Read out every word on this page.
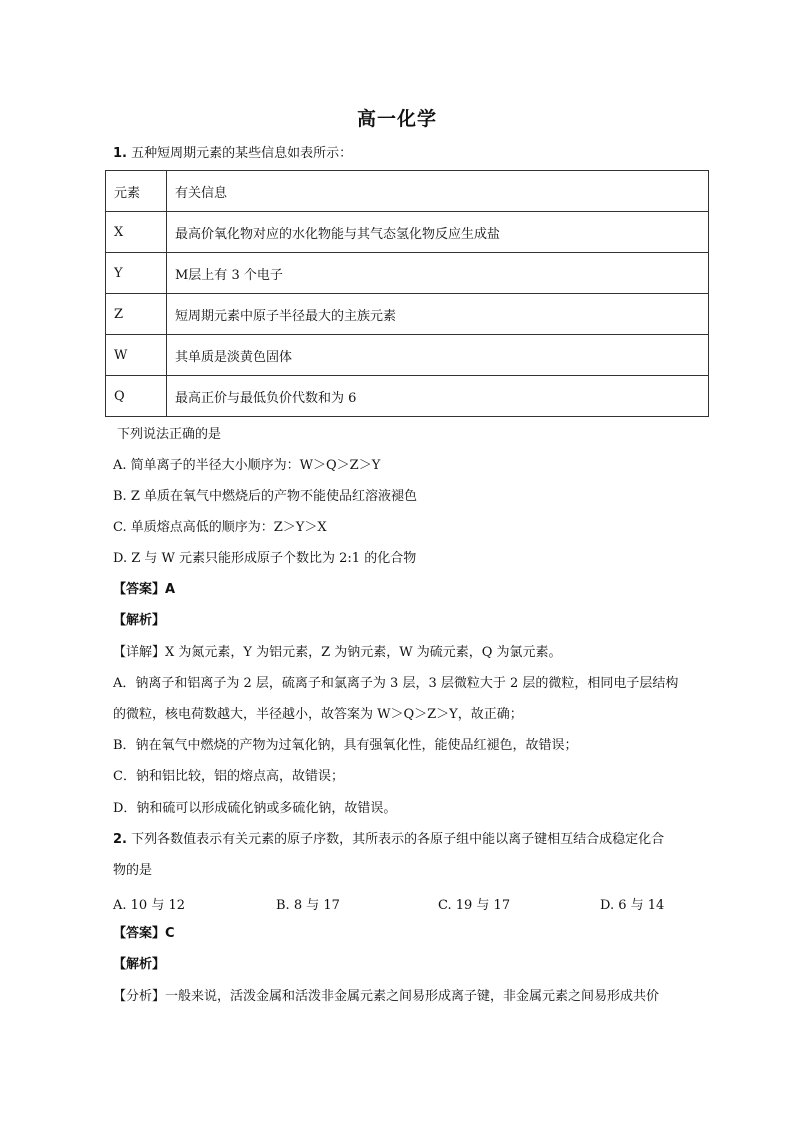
高一化学
1. 五种短周期元素的某些信息如表所示：
元素	有关信息
X	最高价氧化物对应的水化物能与其气态氢化物反应生成盐
Y	M层上有 3 个电子
Z	短周期元素中原子半径最大的主族元素
W	其单质是淡黄色固体
Q	最高正价与最低负价代数和为 6
下列说法正确的是
A. 简单离子的半径大小顺序为：W＞Q＞Z＞Y
B. Z 单质在氧气中燃烧后的产物不能使品红溶液褪色
C. 单质熔点高低的顺序为：Z＞Y＞X
D. Z 与 W 元素只能形成原子个数比为 2:1 的化合物
【答案】A
【解析】
【详解】X 为氮元素，Y 为铝元素，Z 为钠元素，W 为硫元素，Q 为氯元素。
A．钠离子和铝离子为 2 层，硫离子和氯离子为 3 层，3 层微粒大于 2 层的微粒，相同电子层结构
的微粒，核电荷数越大，半径越小，故答案为 W＞Q＞Z＞Y，故正确；
B．钠在氧气中燃烧的产物为过氧化钠，具有强氧化性，能使品红褪色，故错误；
C．钠和铝比较，铝的熔点高，故错误；
D．钠和硫可以形成硫化钠或多硫化钠，故错误。
2. 下列各数值表示有关元素的原子序数，其所表示的各原子组中能以离子键相互结合成稳定化合
物的是
A. 10 与 12	B. 8 与 17	C. 19 与 17	D. 6 与 14
【答案】C
【解析】
【分析】一般来说，活泼金属和活泼非金属元素之间易形成离子键，非金属元素之间易形成共价
